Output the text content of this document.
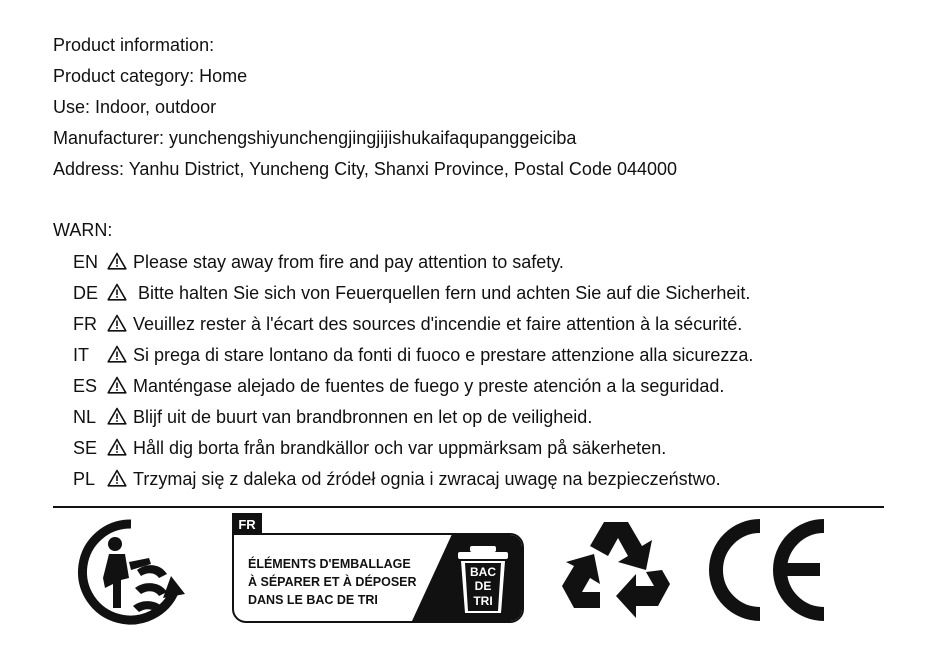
Product information:
Product category: Home
Use: Indoor, outdoor
Manufacturer: yunchengshiyunchengjingjijishukaifaqupanggeiciba
Address: Yanhu District, Yuncheng City, Shanxi Province, Postal Code 044000
WARN:
EN Please stay away from fire and pay attention to safety.
DE Bitte halten Sie sich von Feuerquellen fern und achten Sie auf die Sicherheit.
FR	Veuillez rester à l'écart des sources d'incendie et faire attention à la sécurité.
IT	Si prega di stare lontano da fonti di fuoco e prestare attenzione alla sicurezza.
ES	Manténgase alejado de fuentes de fuego y preste atención a la seguridad.
NL	Blijf uit de buurt van brandbronnen en let op de veiligheid.
SE	Håll dig borta från brandkällor och var uppmärksam på säkerheten.
PL	Trzymaj się z daleka od źródeł ognia i zwracaj uwagę na bezpieczeństwo.
FR
ÉLÉMENTS D'EMBALLAGE
À SÉPARER ET À DÉPOSER
DANS LE BAC DE TRI
BAC
DE
TRI
